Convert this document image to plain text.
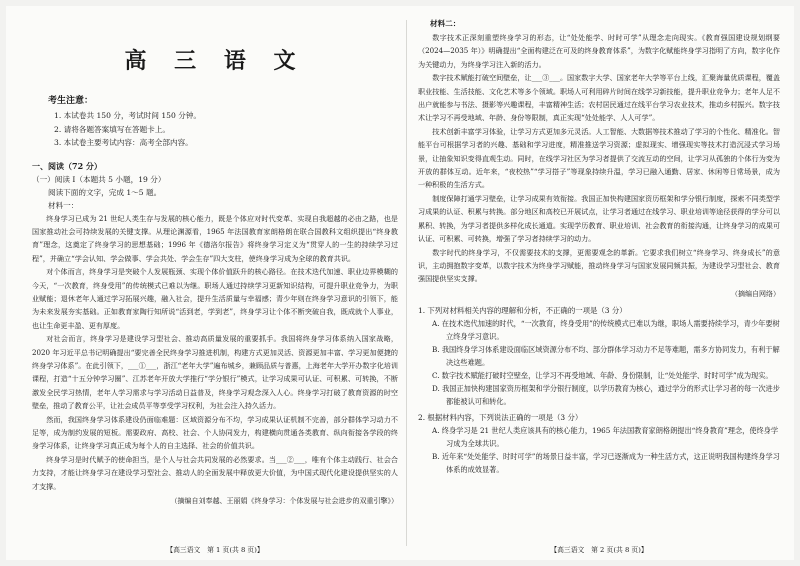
高 三 语 文
考生注意：
1. 本试卷共 150 分，考试时间 150 分钟。
2. 请将各题答案填写在答题卡上。
3. 本试卷主要考试内容：高考全部内容。
一、阅读（72 分）
（一）阅读 Ⅰ（本题共 5 小题，19 分）
阅读下面的文字，完成 1～5 题。
材料一：

终身学习已成为 21 世纪人类生存与发展的核心能力，既是个体应对时代变革、实现自我超越的必由之路，也是国家推动社会可持续发展的关键支撑。从理论渊源看，1965 年法国教育家朗格朗在联合国教科文组织提出“终身教育”理念，这奠定了终身学习的思想基础；1996 年《德洛尔报告》将终身学习定义为“贯穿人的一生的持续学习过程”，并确立“学会认知、学会做事、学会共处、学会生存”四大支柱，使终身学习成为全球的教育共识。

对个体而言，终身学习是突破个人发展瓶颈、实现个体价值跃升的核心路径。在技术迭代加速、职业边界模糊的今天，“一次教育，终身受用”的传统模式已难以为继。职场人通过持续学习更新知识结构，可提升职业竞争力，为职业赋能；退休老年人通过学习拓展兴趣，融入社会，提升生活质量与幸福感；青少年则在终身学习意识的引领下，能为未来发展夯实基础。正如教育家陶行知所说“活到老，学到老”，终身学习让个体不断突破自我，既成就个人事业，也让生命更丰盈、更有厚度。

对社会而言，终身学习是建设学习型社会、推动高质量发展的重要抓手。我国将终身学习体系纳入国家战略，2020 年习近平总书记明确提出“要完善全民终身学习推进机制，构建方式更加灵活、资源更加丰富、学习更加便捷的终身学习体系”。在此引领下，___①___，浙江“老年大学”遍布城乡，兼顾品质与普惠，上海老年大学开办数字化培训课程，打造“十五分钟学习圈”、江苏老年开放大学推行“学分银行”模式，让学习成果可认证、可积累、可转换，不断激发全民学习热情，老年人学习需求与学习活动日益普及，终身学习观念深入人心。终身学习打破了教育资源的时空壁垒，推动了教育公平，让社会成员平等享受学习权利，为社会注入持久活力。

然而，我国终身学习体系建设仍面临难题：区域资源分布不均，学习成果认证机制不完善，部分群体学习动力不足等，成为制约发展的短板。需要政府、高校、社会、个人协同发力，构建横向贯通各类教育、纵向衔接各学段的终身学习体系，让终身学习真正成为每个人的自主选择、社会的价值共识。

终身学习是时代赋予的使命担当，是个人与社会共同发展的必然要求。当___②___，唯有个体主动践行、社会合力支持，才能让终身学习在建设学习型社会、推动人的全面发展中释放更大价值，为中国式现代化建设提供坚实的人才支撑。

（摘编自刘奉越、王丽娟《终身学习：个体发展与社会进步的双重引擎》）
【高三语文　第 1 页(共 8 页)】
材料二：

数字技术正深刻重塑终身学习的形态，让“处处能学、时时可学”从理念走向现实。《教育强国建设规划纲要（2024—2035 年）》明确提出“全面构建泛在可及的终身教育体系”，为数字化赋能终身学习指明了方向，数字化作为关键动力，为终身学习注入新的活力。

数字技术赋能打破空间壁垒，让___③___。国家数字大学、国家老年大学等平台上线，汇聚海量优质课程，覆盖职业技能、生活技能、文化艺术等多个领域。职场人可利用碎片时间在线学习新技能，提升职业竞争力；老年人足不出户就能参与书法、摄影等兴趣课程，丰富精神生活；农村居民通过在线平台学习农业技术，推动乡村振兴。数字技术让学习不再受地域、年龄、身份等限制，真正实现“处处能学、人人可学”。

技术创新丰富学习体验，让学习方式更加多元灵活。人工智能、大数据等技术推动了学习的个性化、精准化。智能平台可根据学习者的兴趣、基础和学习进度，精准推送学习资源；虚拟现实、增强现实等技术打造沉浸式学习场景，让抽象知识变得直观生动。同时，在线学习社区为学习者提供了交流互动的空间，让学习从孤独的个体行为变为开放的群体互动。近年来，“夜校热”“学习搭子”等现象持续升温，学习已融入通勤、居家、休闲等日常场景，成为一种积极的生活方式。

制度保障打通学习壁垒，让学习成果有效衔接。我国正加快构建国家资历框架和学分银行制度，探索不同类型学习成果的认证、积累与转换。部分地区和高校已开展试点，让学习者通过在线学习、职业培训等途径获得的学分可以累积、转换，为学习者提供多样化成长通道。实现学历教育、职业培训、社会教育的衔接沟通，让终身学习的成果可认证、可积累、可转换，增强了学习者持续学习的动力。

数字时代的终身学习，不仅需要技术的支撑，更需要观念的革新。它要求我们树立“终身学习、终身成长”的意识，主动拥抱数字变革，以数字技术为终身学习赋能，推动终身学习与国家发展同频共振，为建设学习型社会、教育强国提供坚实支撑。

（摘编自网络）
1. 下列对材料相关内容的理解和分析，不正确的一项是（3 分）
A. 在技术迭代加速的时代，“一次教育，终身受用”的传统模式已难以为继，职场人需要持续学习，青少年要树立终身学习意识。
B. 我国终身学习体系建设面临区域资源分布不均、部分群体学习动力不足等难题，需多方协同发力，有利于解决这些难题。
C. 数字技术赋能打破时空壁垒，让学习不再受地域、年龄、身份限制，让“处处能学、时时可学”成为现实。
D. 我国正加快构建国家资历框架和学分银行制度，以学历教育为核心，通过学分的形式让学习者的每一次进步都能被认可和转化。
2. 根据材料内容，下列说法正确的一项是（3 分）
A. 终身学习是 21 世纪人类应该具有的核心能力，1965 年法国教育家朗格朗提出“终身教育”理念，使终身学习成为全球共识。
B. 近年来“处处能学、时时可学”的场景日益丰富，学习已逐渐成为一种生活方式，这正说明我国构建终身学习体系的成效显著。
【高三语文　第 2 页(共 8 页)】
